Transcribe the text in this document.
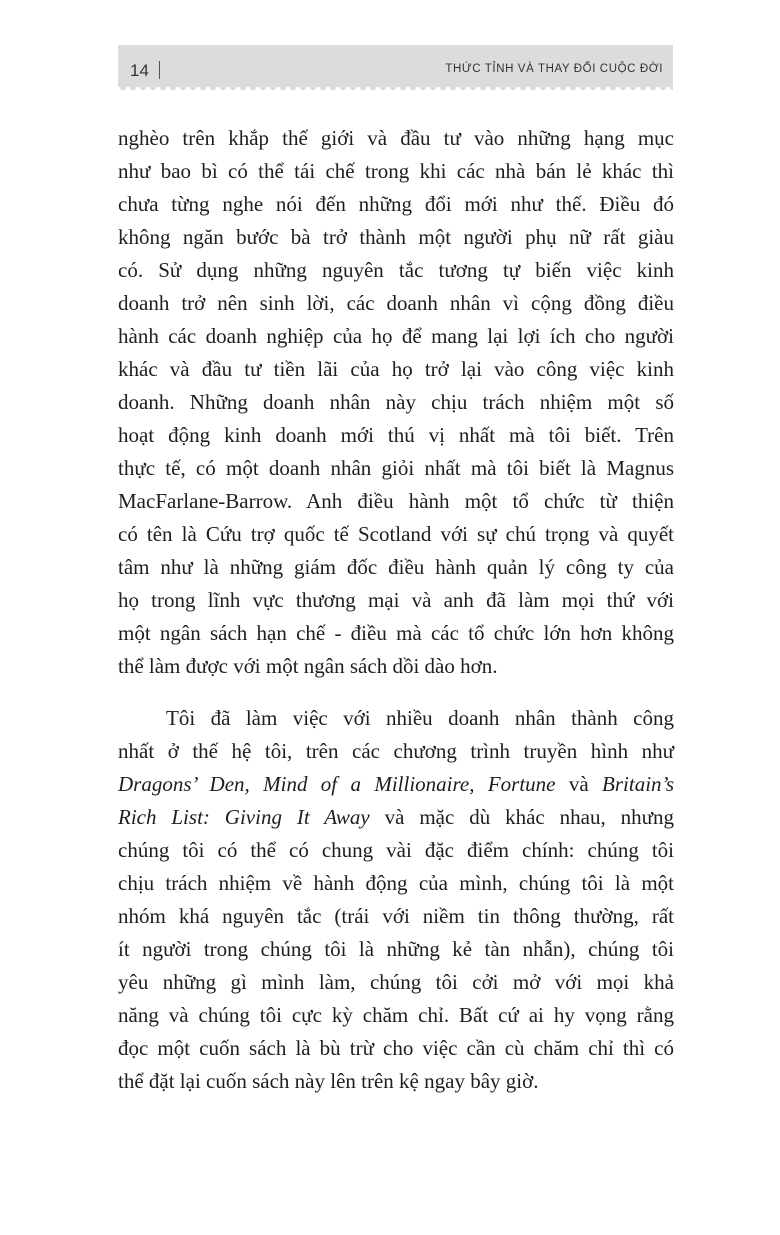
14	THỨC TỈNH VÀ THAY ĐỔI CUỘC ĐỜI
nghèo trên khắp thế giới và đầu tư vào những hạng mục
như bao bì có thể tái chế trong khi các nhà bán lẻ khác thì
chưa từng nghe nói đến những đổi mới như thế. Điều đó
không ngăn bước bà trở thành một người phụ nữ rất giàu
có. Sử dụng những nguyên tắc tương tự biến việc kinh
doanh trở nên sinh lời, các doanh nhân vì cộng đồng điều
hành các doanh nghiệp của họ để mang lại lợi ích cho người
khác và đầu tư tiền lãi của họ trở lại vào công việc kinh
doanh. Những doanh nhân này chịu trách nhiệm một số
hoạt động kinh doanh mới thú vị nhất mà tôi biết. Trên
thực tế, có một doanh nhân giỏi nhất mà tôi biết là Magnus
MacFarlane-Barrow. Anh điều hành một tổ chức từ thiện
có tên là Cứu trợ quốc tế Scotland với sự chú trọng và quyết
tâm như là những giám đốc điều hành quản lý công ty của
họ trong lĩnh vực thương mại và anh đã làm mọi thứ với
một ngân sách hạn chế - điều mà các tổ chức lớn hơn không
thể làm được với một ngân sách dồi dào hơn.
Tôi đã làm việc với nhiều doanh nhân thành công
nhất ở thế hệ tôi, trên các chương trình truyền hình như
Dragons’ Den, Mind of a Millionaire, Fortune và Britain’s
Rich List: Giving It Away và mặc dù khác nhau, nhưng
chúng tôi có thể có chung vài đặc điểm chính: chúng tôi
chịu trách nhiệm về hành động của mình, chúng tôi là một
nhóm khá nguyên tắc (trái với niềm tin thông thường, rất
ít người trong chúng tôi là những kẻ tàn nhẫn), chúng tôi
yêu những gì mình làm, chúng tôi cởi mở với mọi khả
năng và chúng tôi cực kỳ chăm chỉ. Bất cứ ai hy vọng rằng
đọc một cuốn sách là bù trừ cho việc cần cù chăm chỉ thì có
thể đặt lại cuốn sách này lên trên kệ ngay bây giờ.
